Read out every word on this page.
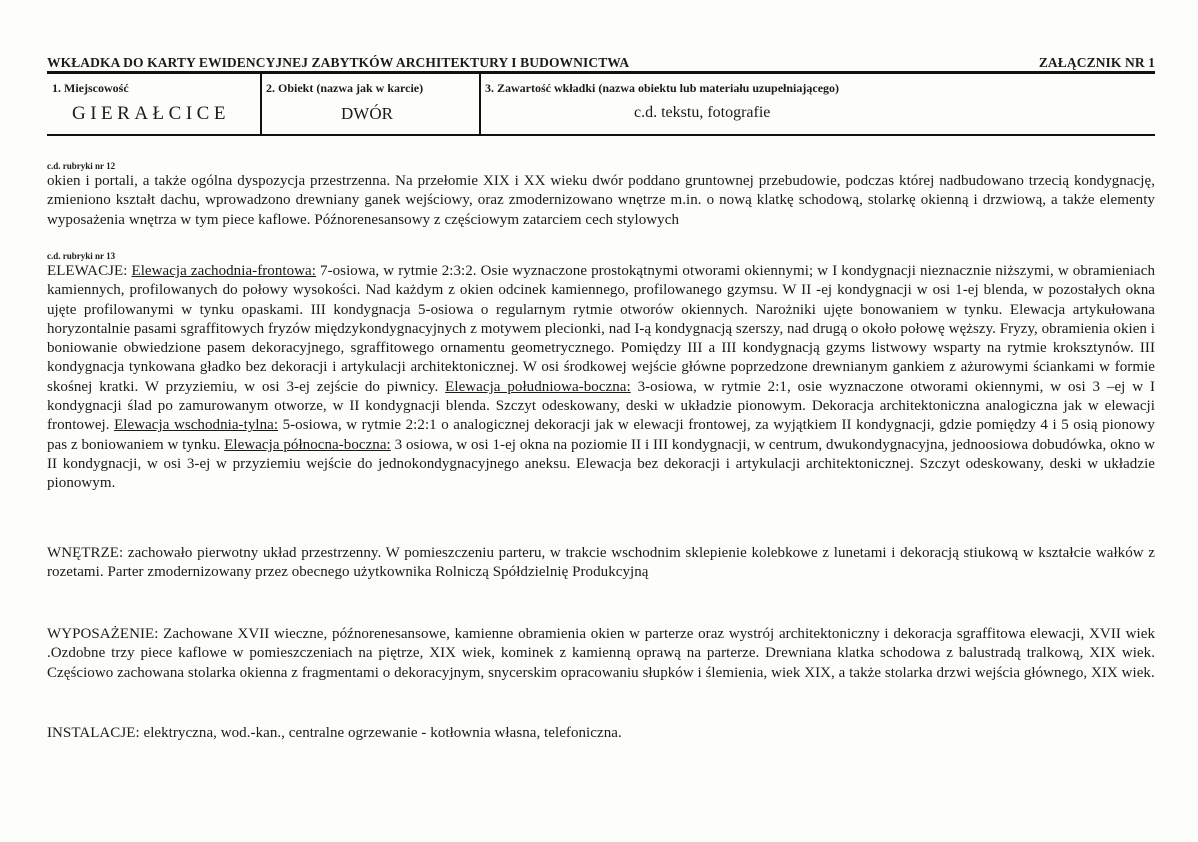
WKŁADKA DO KARTY EWIDENCYJNEJ ZABYTKÓW ARCHITEKTURY I BUDOWNICTWA	ZAŁĄCZNIK NR 1
1. Miejscowość
GIERAŁCICE
2. Obiekt (nazwa jak w karcie)
DWÓR
3. Zawartość wkładki (nazwa obiektu lub materiału uzupełniającego)
c.d. tekstu, fotografie
c.d. rubryki nr 12

okien i portali, a także ogólna dyspozycja przestrzenna. Na przełomie XIX i XX wieku dwór poddano gruntownej przebudowie, podczas której nadbudowano trzecią kondygnację, zmieniono kształt dachu, wprowadzono drewniany ganek wejściowy, oraz zmodernizowano wnętrze m.in. o nową klatkę schodową, stolarkę okienną i drzwiową, a także elementy wyposażenia wnętrza w tym piece kaflowe. Późnorenesansowy z częściowym zatarciem cech stylowych

c.d. rubryki nr 13

ELEWACJE: Elewacja zachodnia-frontowa: 7-osiowa, w rytmie 2:3:2. Osie wyznaczone prostokątnymi otworami okiennymi; w I kondygnacji nieznacznie niższymi, w obramieniach kamiennych, profilowanych do połowy wysokości. Nad każdym z okien odcinek kamiennego, profilowanego gzymsu. W II -ej kondygnacji w osi 1-ej blenda, w pozostałych okna ujęte profilowanymi w tynku opaskami. III kondygnacja 5-osiowa o regularnym rytmie otworów okiennych. Narożniki ujęte bonowaniem w tynku. Elewacja artykułowana horyzontalnie pasami sgraffitowych fryzów międzykondygnacyjnych z motywem plecionki, nad I-ą kondygnacją szerszy, nad drugą o około połowę węższy. Fryzy, obramienia okien i boniowanie obwiedzione pasem dekoracyjnego, sgraffitowego ornamentu geometrycznego. Pomiędzy III a III kondygnacją gzyms listwowy wsparty na rytmie kroksztynów. III kondygnacja tynkowana gładko bez dekoracji i artykulacji architektonicznej. W osi środkowej wejście główne poprzedzone drewnianym gankiem z ażurowymi ściankami w formie skośnej kratki. W przyziemiu, w osi 3-ej zejście do piwnicy. Elewacja południowa-boczna: 3-osiowa, w rytmie 2:1, osie wyznaczone otworami okiennymi, w osi 3 –ej w I kondygnacji ślad po zamurowanym otworze, w II kondygnacji blenda. Szczyt odeskowany, deski w układzie pionowym. Dekoracja architektoniczna analogiczna jak w elewacji frontowej. Elewacja wschodnia-tylna: 5-osiowa, w rytmie 2:2:1 o analogicznej dekoracji jak w elewacji frontowej, za wyjątkiem II kondygnacji, gdzie pomiędzy 4 i 5 osią pionowy pas z boniowaniem w tynku. Elewacja północna-boczna: 3 osiowa, w osi 1-ej okna na poziomie II i III kondygnacji, w centrum, dwukondygnacyjna, jednoosiowa dobudówka, okno w II kondygnacji, w osi 3-ej w przyziemiu wejście do jednokondygnacyjnego aneksu. Elewacja bez dekoracji i artykulacji architektonicznej. Szczyt odeskowany, deski w układzie pionowym.

WNĘTRZE: zachowało pierwotny układ przestrzenny. W pomieszczeniu parteru, w trakcie wschodnim sklepienie kolebkowe z lunetami i dekoracją stiukową w kształcie wałków z rozetami. Parter zmodernizowany przez obecnego użytkownika Rolniczą Spółdzielnię Produkcyjną

WYPOSAŻENIE: Zachowane XVII wieczne, późnorenesansowe, kamienne obramienia okien w parterze oraz wystrój architektoniczny i dekoracja sgraffitowa elewacji, XVII wiek .Ozdobne trzy piece kaflowe w pomieszczeniach na piętrze, XIX wiek, kominek z kamienną oprawą na parterze. Drewniana klatka schodowa z balustradą tralkową, XIX wiek. Częściowo zachowana stolarka okienna z fragmentami o dekoracyjnym, snycerskim opracowaniu słupków i ślemienia, wiek XIX, a także stolarka drzwi wejścia głównego, XIX wiek.

INSTALACJE: elektryczna, wod.-kan., centralne ogrzewanie - kotłownia własna, telefoniczna.
